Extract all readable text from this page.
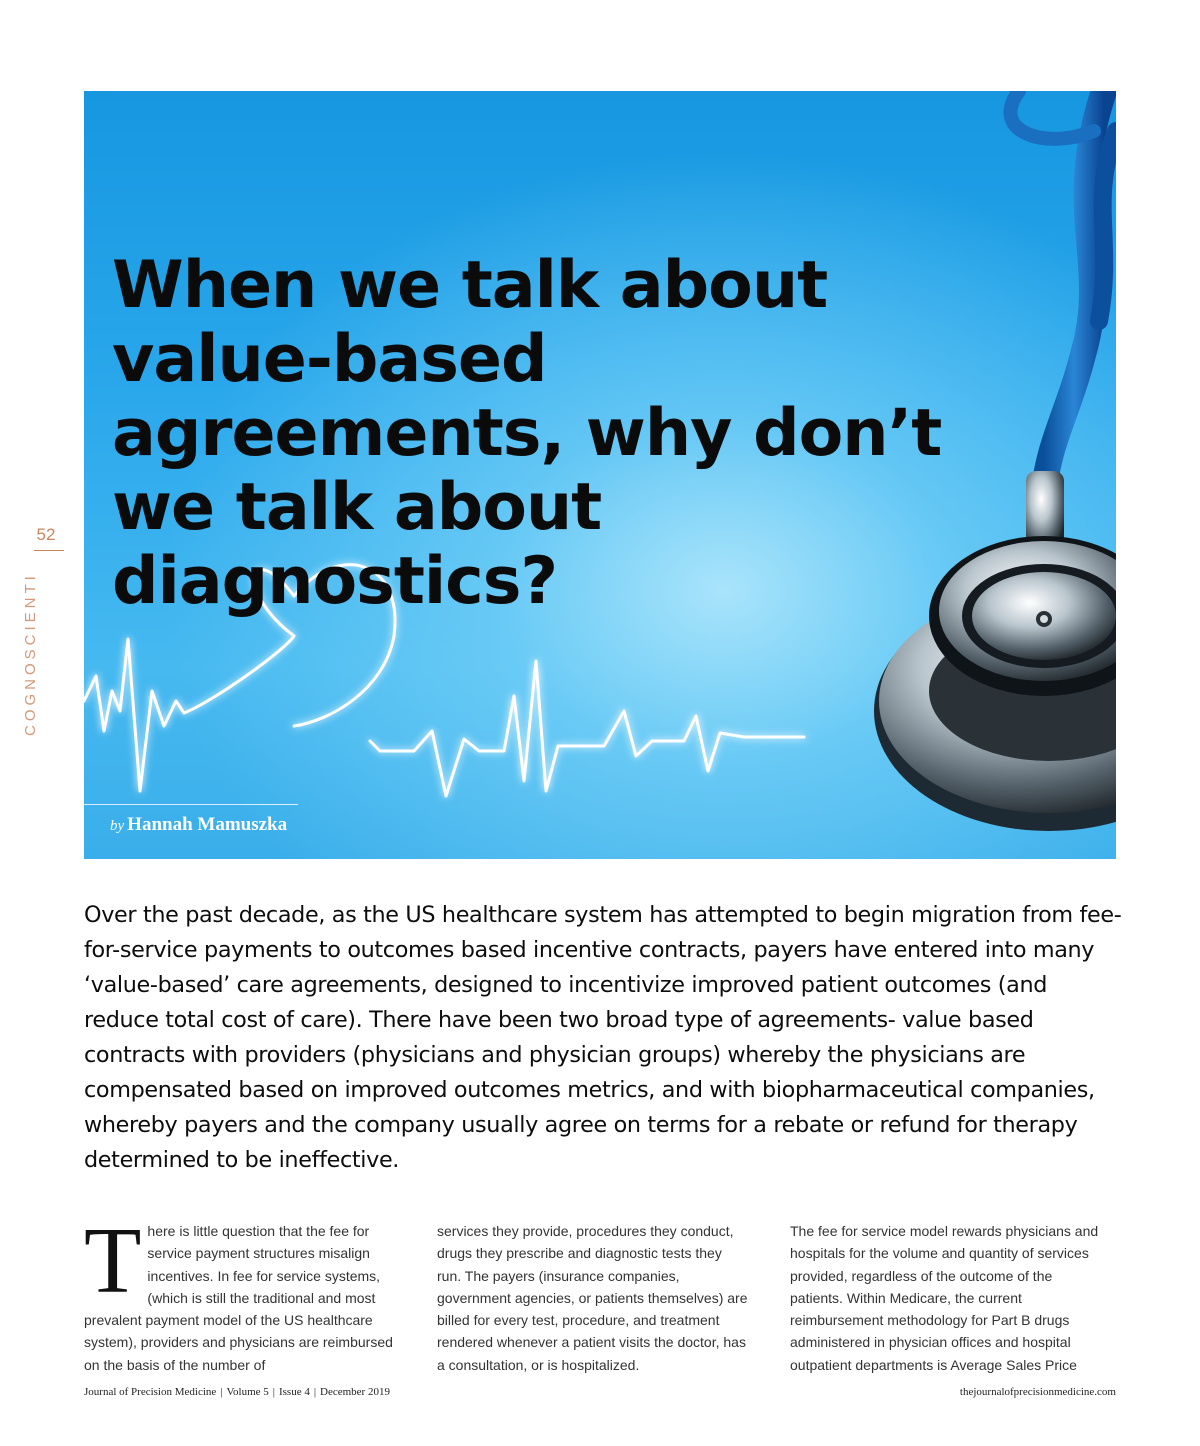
52
COGNOSCIENTI
When we talk about value-based agreements, why don’t we talk about diagnostics?
by Hannah Mamuszka

Over the past decade, as the US healthcare system has attempted to begin migration from fee-for-service payments to outcomes based incentive contracts, payers have entered into many ‘value-based’ care agreements, designed to incentivize improved patient outcomes (and reduce total cost of care). There have been two broad type of agreements- value based contracts with providers (physicians and physician groups) whereby the physicians are compensated based on improved outcomes metrics, and with biopharmaceutical companies, whereby payers and the company usually agree on terms for a rebate or refund for therapy determined to be ineffective.

There is little question that the fee for service payment structures misalign incentives. In fee for service systems, (which is still the traditional and most prevalent payment model of the US healthcare system), providers and physicians are reimbursed on the basis of the number of

services they provide, procedures they conduct, drugs they prescribe and diagnostic tests they run. The payers (insurance companies, government agencies, or patients themselves) are billed for every test, procedure, and treatment rendered whenever a patient visits the doctor, has a consultation, or is hospitalized.

The fee for service model rewards physicians and hospitals for the volume and quantity of services provided, regardless of the outcome of the patients. Within Medicare, the current reimbursement methodology for Part B drugs administered in physician offices and hospital outpatient departments is Average Sales Price

Journal of Precision Medicine | Volume 5 | Issue 4 | December 2019	thejournalofprecisionmedicine.com
